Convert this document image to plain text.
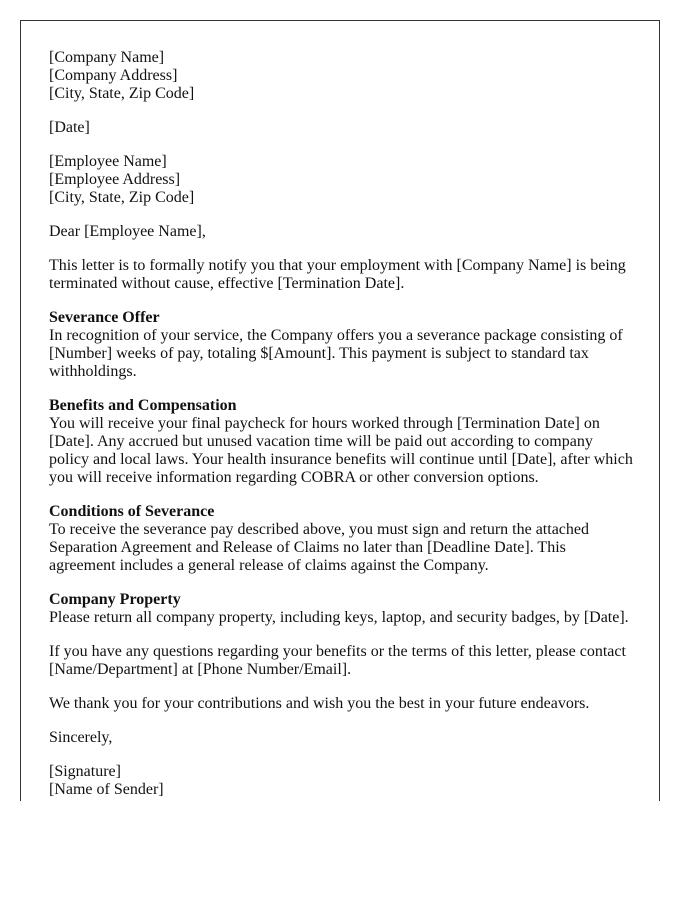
[Company Name]
[Company Address]
[City, State, Zip Code]
[Date]
[Employee Name]
[Employee Address]
[City, State, Zip Code]
Dear [Employee Name],
This letter is to formally notify you that your employment with [Company Name] is being
terminated without cause, effective [Termination Date].
Severance Offer
In recognition of your service, the Company offers you a severance package consisting of
[Number] weeks of pay, totaling $[Amount]. This payment is subject to standard tax
withholdings.
Benefits and Compensation
You will receive your final paycheck for hours worked through [Termination Date] on
[Date]. Any accrued but unused vacation time will be paid out according to company
policy and local laws. Your health insurance benefits will continue until [Date], after which
you will receive information regarding COBRA or other conversion options.
Conditions of Severance
To receive the severance pay described above, you must sign and return the attached
Separation Agreement and Release of Claims no later than [Deadline Date]. This
agreement includes a general release of claims against the Company.
Company Property
Please return all company property, including keys, laptop, and security badges, by [Date].
If you have any questions regarding your benefits or the terms of this letter, please contact
[Name/Department] at [Phone Number/Email].
We thank you for your contributions and wish you the best in your future endeavors.
Sincerely,
[Signature]
[Name of Sender]
